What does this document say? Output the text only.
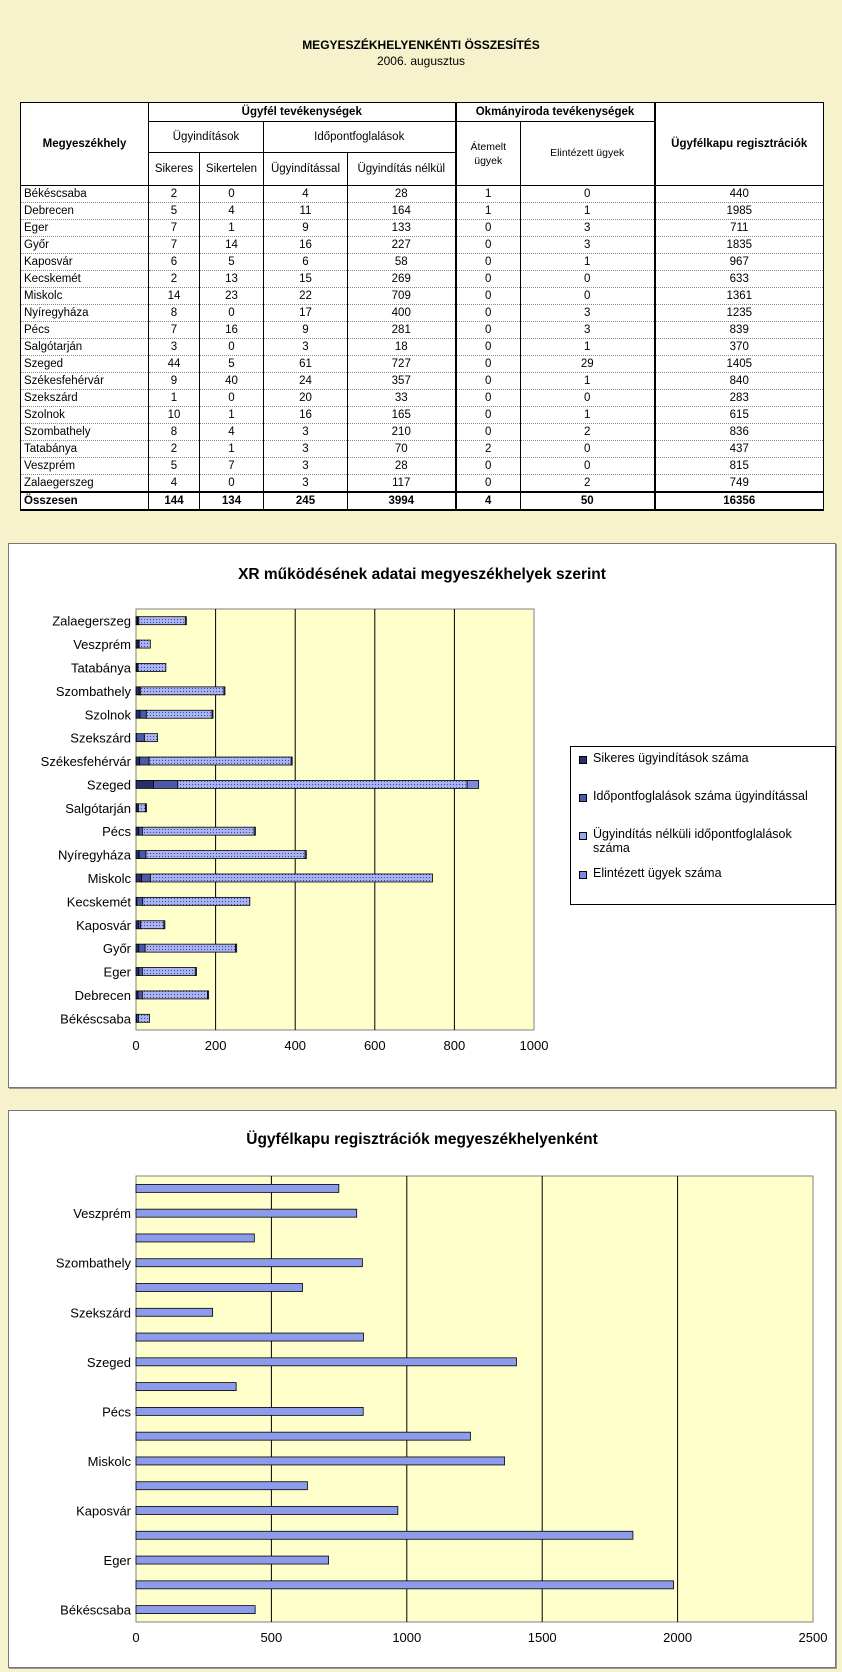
MEGYESZÉKHELYENKÉNTI ÖSSZESÍTÉS
2006. augusztus
Megyeszékhely	Ügyfél tevékenységek				Okmányiroda tevékenységek		Ügyfélkapu regisztrációk
	Ügyindítások		Időpontfoglalások		Átemelt ügyek	Elintézett ügyek	
	Sikeres	Sikertelen	Ügyindítással	Ügyindítás nélkül			
Békéscsaba	2	0	4	28	1	0	440
Debrecen	5	4	11	164	1	1	1985
Eger	7	1	9	133	0	3	711
Győr	7	14	16	227	0	3	1835
Kaposvár	6	5	6	58	0	1	967
Kecskemét	2	13	15	269	0	0	633
Miskolc	14	23	22	709	0	0	1361
Nyíregyháza	8	0	17	400	0	3	1235
Pécs	7	16	9	281	0	3	839
Salgótarján	3	0	3	18	0	1	370
Szeged	44	5	61	727	0	29	1405
Székesfehérvár	9	40	24	357	0	1	840
Szekszárd	1	0	20	33	0	0	283
Szolnok	10	1	16	165	0	1	615
Szombathely	8	4	3	210	0	2	836
Tatabánya	2	1	3	70	2	0	437
Veszprém	5	7	3	28	0	0	815
Zalaegerszeg	4	0	3	117	0	2	749
Összesen	144	134	245	3994	4	50	16356
XR működésének adatai megyeszékhelyek szerint
0	200	400	600	800	1000
Békéscsaba
Debrecen
Eger
Győr
Kaposvár
Kecskemét
Miskolc
Nyíregyháza
Pécs
Salgótarján
Szeged
Székesfehérvár
Szekszárd
Szolnok
Szombathely
Tatabánya
Veszprém
Zalaegerszeg
Sikeres ügyindítások száma
Időpontfoglalások száma ügyindítással
Ügyindítás nélküli időpontfoglalások száma
Elintézett ügyek száma
Ügyfélkapu regisztrációk megyeszékhelyenként
0	500	1000	1500	2000	2500
Békéscsaba
Eger
Kaposvár
Miskolc
Pécs
Szeged
Szekszárd
Szombathely
Veszprém
